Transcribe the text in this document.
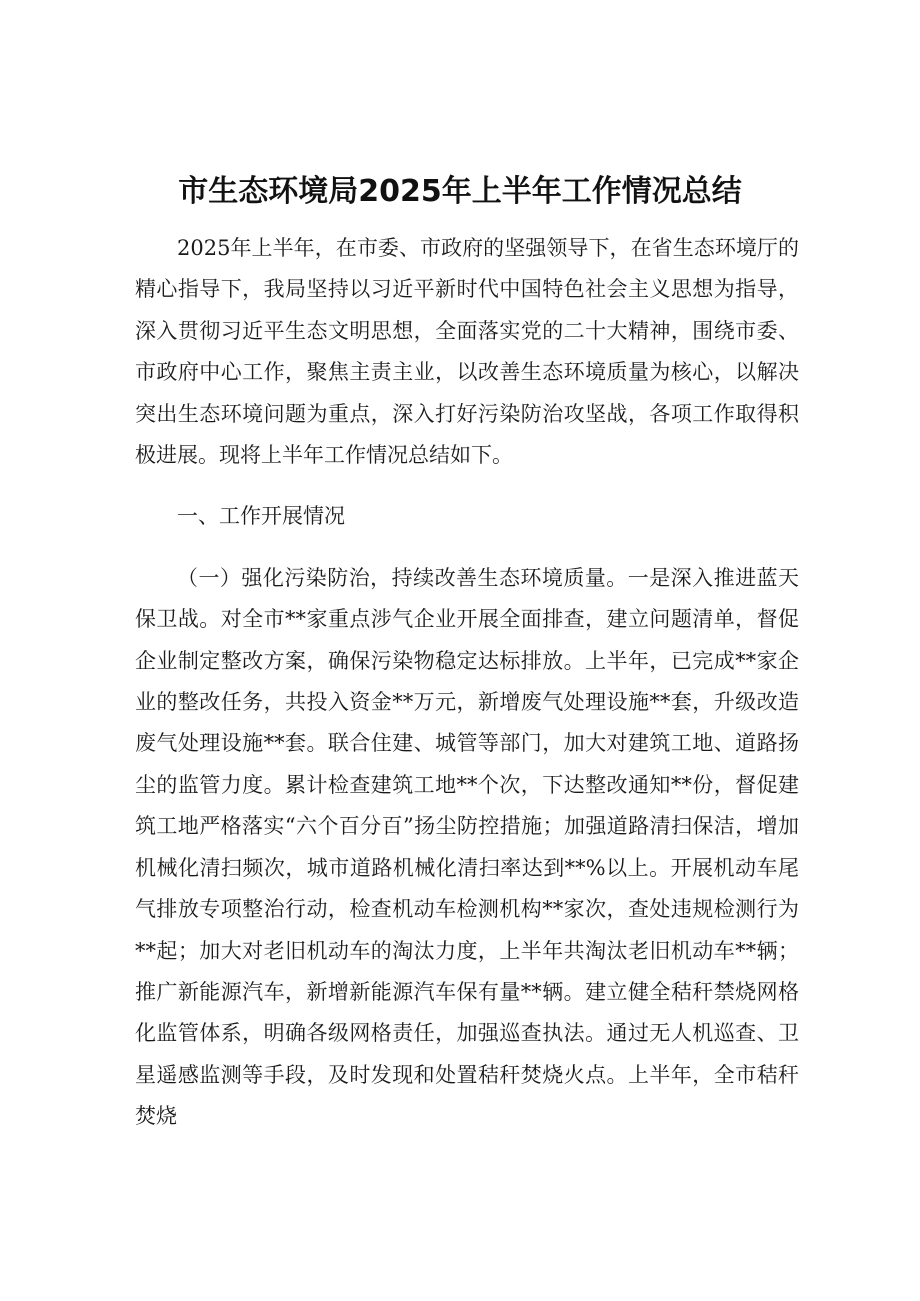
市生态环境局2025年上半年工作情况总结

2025年上半年，在市委、市政府的坚强领导下，在省生态环境厅的精心指导下，我局坚持以习近平新时代中国特色社会主义思想为指导，深入贯彻习近平生态文明思想，全面落实党的二十大精神，围绕市委、市政府中心工作，聚焦主责主业，以改善生态环境质量为核心，以解决突出生态环境问题为重点，深入打好污染防治攻坚战，各项工作取得积极进展。现将上半年工作情况总结如下。

一、工作开展情况

（一）强化污染防治，持续改善生态环境质量。一是深入推进蓝天保卫战。对全市**家重点涉气企业开展全面排查，建立问题清单，督促企业制定整改方案，确保污染物稳定达标排放。上半年，已完成**家企业的整改任务，共投入资金**万元，新增废气处理设施**套，升级改造废气处理设施**套。联合住建、城管等部门，加大对建筑工地、道路扬尘的监管力度。累计检查建筑工地**个次，下达整改通知**份，督促建筑工地严格落实“六个百分百”扬尘防控措施；加强道路清扫保洁，增加机械化清扫频次，城市道路机械化清扫率达到**%以上。开展机动车尾气排放专项整治行动，检查机动车检测机构**家次，查处违规检测行为**起；加大对老旧机动车的淘汰力度，上半年共淘汰老旧机动车**辆；推广新能源汽车，新增新能源汽车保有量**辆。建立健全秸秆禁烧网格化监管体系，明确各级网格责任，加强巡查执法。通过无人机巡查、卫星遥感监测等手段，及时发现和处置秸秆焚烧火点。上半年，全市秸秆焚烧
